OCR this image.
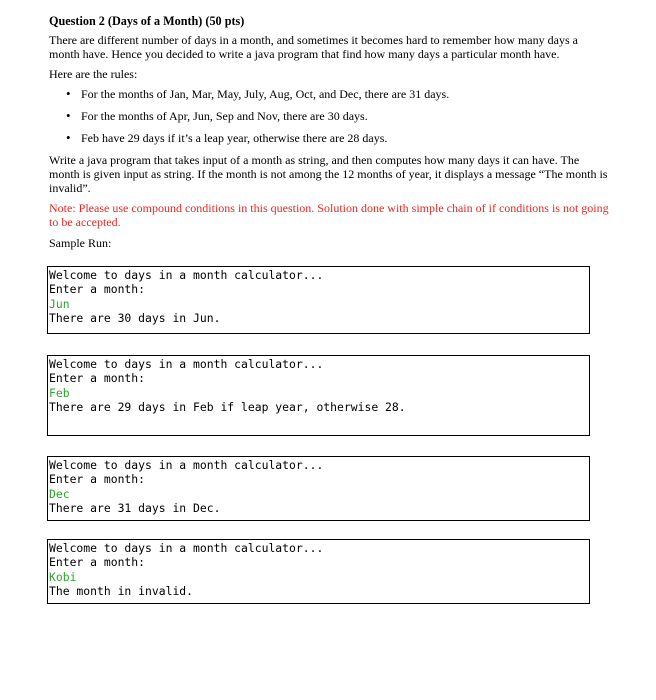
Question 2 (Days of a Month) (50 pts)

There are different number of days in a month, and sometimes it becomes hard to remember how many days a month have. Hence you decided to write a java program that find how many days a particular month have.

Here are the rules:

• For the months of Jan, Mar, May, July, Aug, Oct, and Dec, there are 31 days.
• For the months of Apr, Jun, Sep and Nov, there are 30 days.
• Feb have 29 days if it’s a leap year, otherwise there are 28 days.

Write a java program that takes input of a month as string, and then computes how many days it can have. The month is given input as string. If the month is not among the 12 months of year, it displays a message “The month is invalid”.

Note: Please use compound conditions in this question. Solution done with simple chain of if conditions is not going to be accepted.

Sample Run:

Welcome to days in a month calculator...
Enter a month:
Jun
There are 30 days in Jun.
Welcome to days in a month calculator...
Enter a month:
Feb
There are 29 days in Feb if leap year, otherwise 28.
Welcome to days in a month calculator...
Enter a month:
Dec
There are 31 days in Dec.
Welcome to days in a month calculator...
Enter a month:
Kobi
The month in invalid.
